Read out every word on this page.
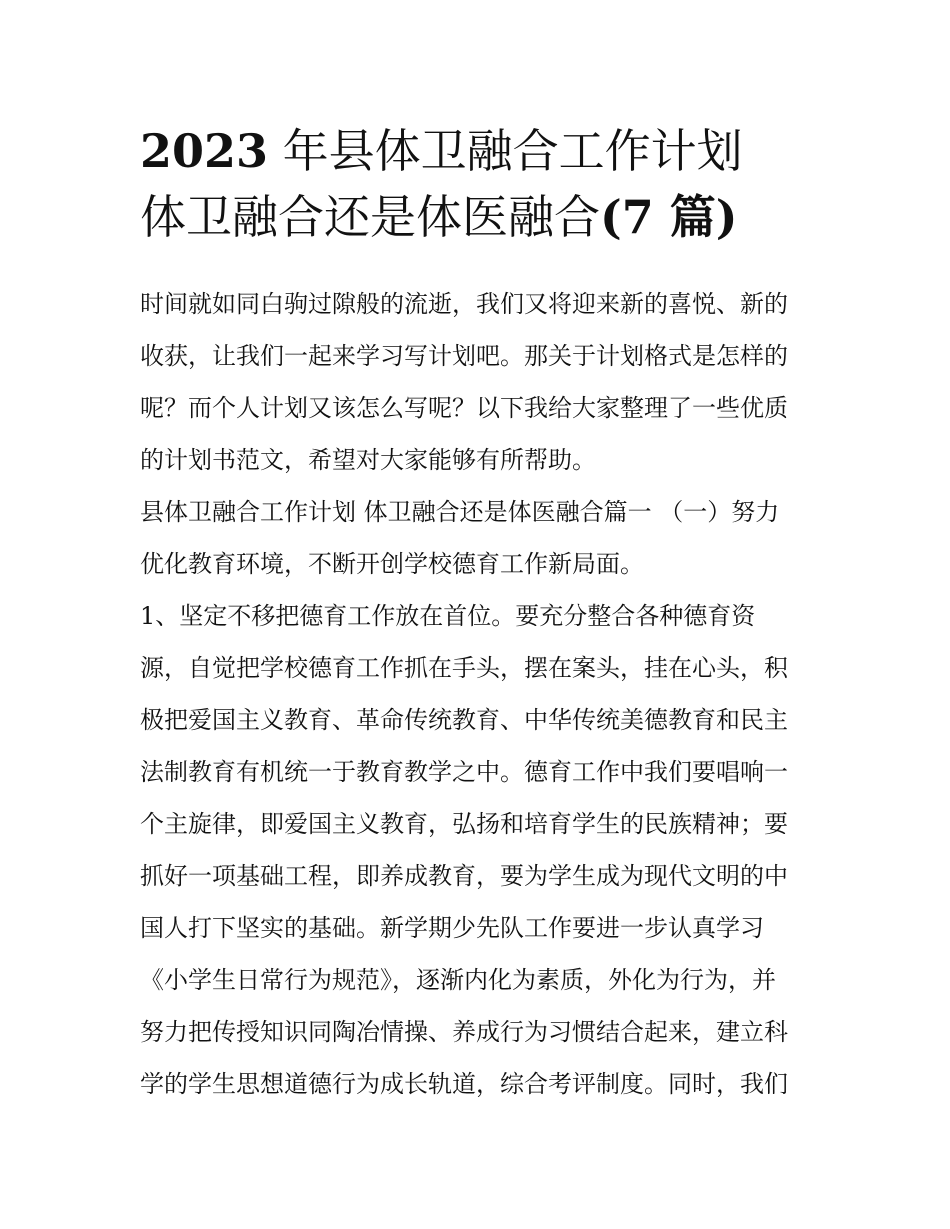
2023 年县体卫融合工作计划
体卫融合还是体医融合(7 篇)

时间就如同白驹过隙般的流逝，我们又将迎来新的喜悦、新的
收获，让我们一起来学习写计划吧。那关于计划格式是怎样的
呢？而个人计划又该怎么写呢？以下我给大家整理了一些优质
的计划书范文，希望对大家能够有所帮助。

县体卫融合工作计划 体卫融合还是体医融合篇一 （一）努力
优化教育环境，不断开创学校德育工作新局面。

1、坚定不移把德育工作放在首位。要充分整合各种德育资
源，自觉把学校德育工作抓在手头，摆在案头，挂在心头，积
极把爱国主义教育、革命传统教育、中华传统美德教育和民主
法制教育有机统一于教育教学之中。德育工作中我们要唱响一
个主旋律，即爱国主义教育，弘扬和培育学生的民族精神；要
抓好一项基础工程，即养成教育，要为学生成为现代文明的中
国人打下坚实的基础。新学期少先队工作要进一步认真学习
《小学生日常行为规范》，逐渐内化为素质，外化为行为，并
努力把传授知识同陶冶情操、养成行为习惯结合起来，建立科
学的学生思想道德行为成长轨道，综合考评制度。同时，我们
